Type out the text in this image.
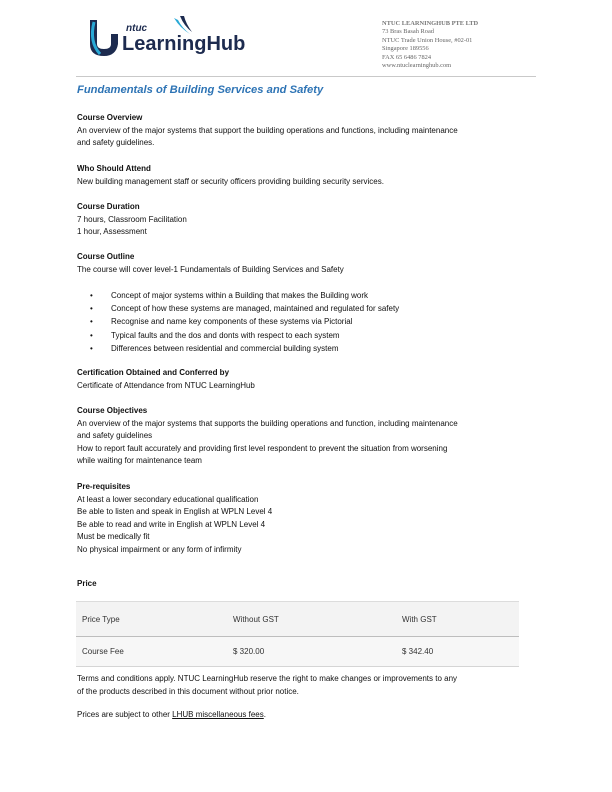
ntuc
LearningHub
NTUC LEARNINGHUB PTE LTD
73 Bras Basah Road
NTUC Trade Union House, #02-01
Singapore 189556
FAX 65 6486 7824
www.ntuclearninghub.com
Fundamentals of Building Services and Safety
Course Overview
An overview of the major systems that support the building operations and functions, including maintenance
and safety guidelines.
Who Should Attend
New building management staff or security officers providing building security services.
Course Duration
7 hours, Classroom Facilitation
1 hour, Assessment
Course Outline
The course will cover level-1 Fundamentals of Building Services and Safety
• Concept of major systems within a Building that makes the Building work
• Concept of how these systems are managed, maintained and regulated for safety
• Recognise and name key components of these systems via Pictorial
• Typical faults and the dos and donts with respect to each system
• Differences between residential and commercial building system
Certification Obtained and Conferred by
Certificate of Attendance from NTUC LearningHub
Course Objectives
An overview of the major systems that supports the building operations and function, including maintenance
and safety guidelines
How to report fault accurately and providing first level respondent to prevent the situation from worsening
while waiting for maintenance team
Pre-requisites
At least a lower secondary educational qualification
Be able to listen and speak in English at WPLN Level 4
Be able to read and write in English at WPLN Level 4
Must be medically fit
No physical impairment or any form of infirmity
Price
Price Type	Without GST	With GST
Course Fee	$ 320.00	$ 342.40
Terms and conditions apply. NTUC LearningHub reserve the right to make changes or improvements to any
of the products described in this document without prior notice.
Prices are subject to other LHUB miscellaneous fees.
